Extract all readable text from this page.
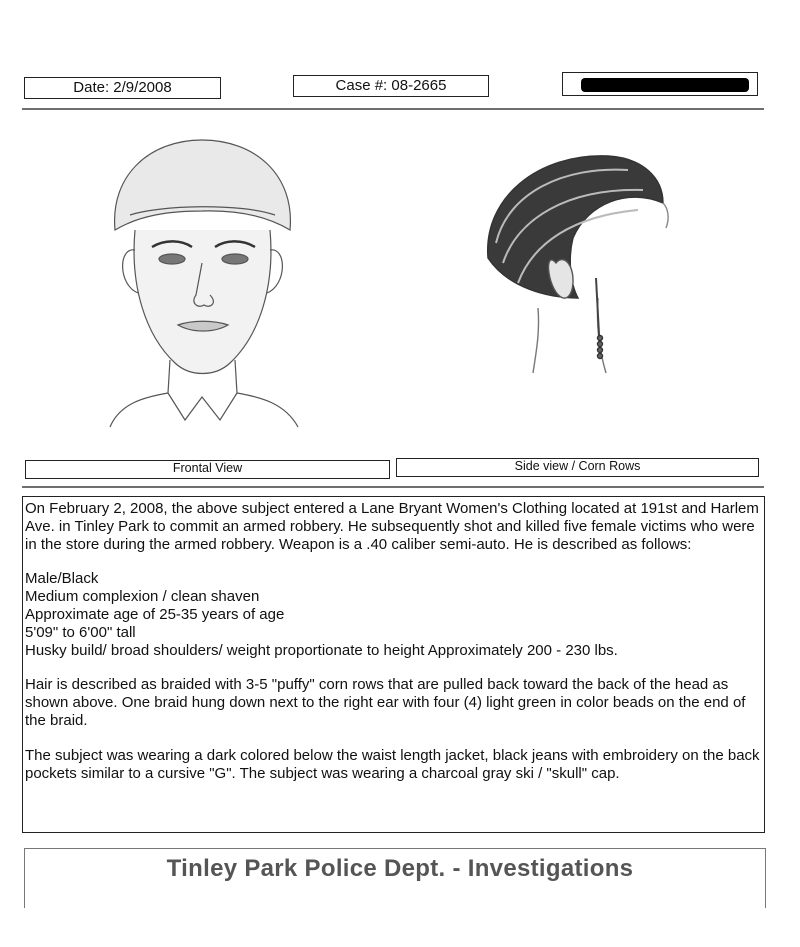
Date: 2/9/2008	Case #: 08-2665
Frontal View	Side view / Corn Rows

On February 2, 2008, the above subject entered a Lane Bryant Women's Clothing located at 191st and Harlem Ave. in Tinley Park to commit an armed robbery. He subsequently shot and killed five female victims who were in the store during the armed robbery. Weapon is a .40 caliber semi-auto. He is described as follows:

Male/Black

Medium complexion / clean shaven

Approximate age of 25-35 years of age

5'09" to 6'00" tall

Husky build/ broad shoulders/ weight proportionate to height Approximately 200 - 230 lbs.

Hair is described as braided with 3-5 "puffy" corn rows that are pulled back toward the back of the head as shown above. One braid hung down next to the right ear with four (4) light green in color beads on the end of the braid.

The subject was wearing a dark colored below the waist length jacket, black jeans with embroidery on the back pockets similar to a cursive "G". The subject was wearing a charcoal gray ski / "skull" cap.

Tinley Park Police Dept. - Investigations
